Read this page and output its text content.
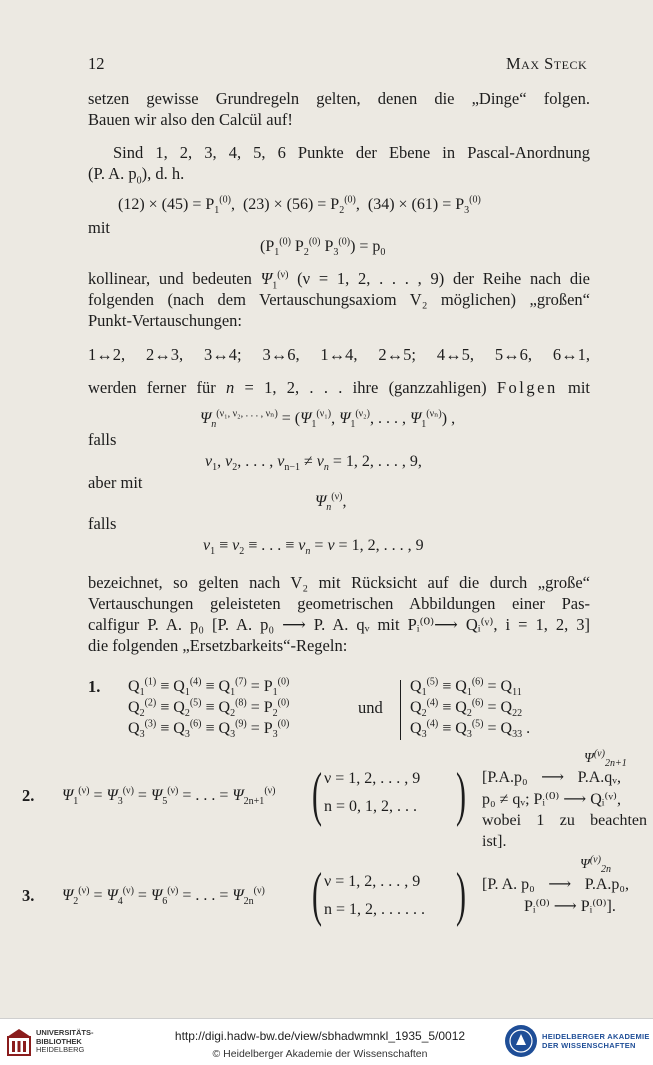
12	Max Steck
setzen gewisse Grundregeln gelten, denen die „Dinge“ folgen.
Bauen wir also den Calcül auf!
Sind 1, 2, 3, 4, 5, 6 Punkte der Ebene in Pascal-Anordnung
(P. A. $p_0$), d. h.
$(12) \times (45) = P_1^{(0)}$,  $(23) \times (56) = P_2^{(0)}$,  $(34) \times (61) = P_3^{(0)}$
mit
($P_1^{(0)}$ $P_2^{(0)}$ $P_3^{(0)}) = p_0$
kollinear, und bedeuten $\Psi_1^{(\nu)}$ (ν = 1, 2, . . . , 9) der Reihe nach die
folgenden (nach dem Vertauschungsaxiom V₂ möglichen) „großen“
Punkt-Vertauschungen:
1↔2, 2↔3, 3↔4; 3↔6, 1↔4, 2↔5; 4↔5, 5↔6, 6↔1,
werden ferner für n = 1, 2, . . . ihre (ganzzahligen) Folgen mit
$\Psi_n^{(\nu_1, \nu_2, . . . , \nu_n)} = (\Psi_1^{(\nu_1)}$, $\Psi_1^{(\nu_2)}$, . . . , $\Psi_1^{(\nu_n)}$) ,
falls
$\nu_1$, $\nu_2$, . . . , $\nu_{n-1} \ne \nu_n = 1$, 2, . . . , 9,
aber mit
$\Psi_n^{(\nu)}$,
falls
$\nu_1 \equiv \nu_2$ ≡ . . . ≡ $\nu_n = \nu = 1$, 2, . . . , 9
bezeichnet, so gelten nach V₂ mit Rücksicht auf die durch „große“
Vertauschungen geleisteten geometrischen Abbildungen einer Pas-
calfigur P. A. p₀ [P. A. p₀ ⟶ P. A. qᵥ mit Pᵢ⁽⁰⁾⟶ Qᵢ⁽ᵛ⁾, i = 1, 2, 3]
die folgenden „Ersetzbarkeits“-Regeln:
1. $Q_1^{(1)} \equiv Q_1^{(4)} \equiv Q_1^{(7)} = P_1^{(0)}$
$Q_2^{(2)} \equiv Q_2^{(5)} \equiv Q_2^{(8)} = P_2^{(0)}$
$Q_3^{(3)} \equiv Q_3^{(6)} \equiv Q_3^{(9)} = P_3^{(0)}$
und
$Q_1^{(5)} \equiv Q_1^{(6)} = Q_{11}$
$Q_2^{(4)} \equiv Q_2^{(6)} = Q_{22}$
$Q_3^{(4)} \equiv Q_3^{(5)} = Q_{33}$ .
2. $\Psi_1^{(\nu)} = \Psi_3^{(\nu)} = \Psi_5^{(\nu)}$ = . . . = $\Psi_{2n+1}^{(\nu)}$ ( ν = 1, 2, . . . , 9
n = 0, 1, 2, . . . )
$\Psi^{(\nu)}_{2n+1}$
[P.A.p₀ ⟶ P.A.qᵥ,
p₀ ≠ qᵥ; Pᵢ⁽⁰⁾ ⟶ Qᵢ⁽ᵛ⁾,
wobei 1 zu beachten
ist].
3. $\Psi_2^{(\nu)} = \Psi_4^{(\nu)} = \Psi_6^{(\nu)}$ = . . . = $\Psi_{2n}^{(\nu)}$ ( ν = 1, 2, . . . , 9
n = 1, 2, . . . . . . )	$\Psi^{(\nu)}_{2n}$
[P. A. p₀ ⟶ P.A.p₀,
Pᵢ⁽⁰⁾ ⟶ Pᵢ⁽⁰⁾].
UNIVERSITÄTS-
BIBLIOTHEK
HEIDELBERG
http://digi.hadw-bw.de/view/sbhadwmnkl_1935_5/0012
© Heidelberger Akademie der Wissenschaften
HEIDELBERGER AKADEMIE
DER WISSENSCHAFTEN
